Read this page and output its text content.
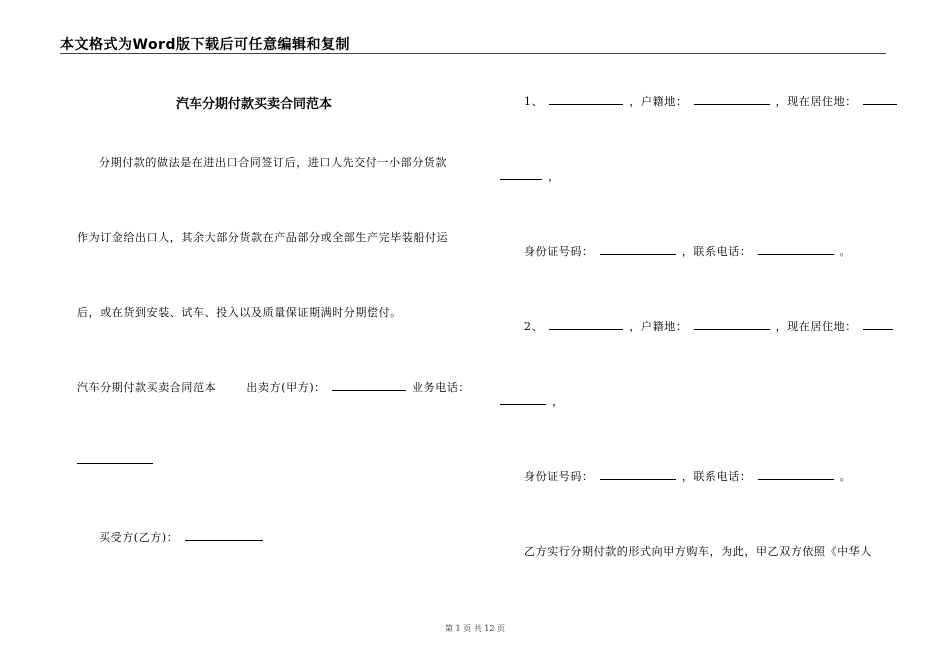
本文格式为Word版下载后可任意编辑和复制
汽车分期付款买卖合同范本
分期付款的做法是在进出口合同签订后，进口人先交付一小部分货款
作为订金给出口人，其余大部分货款在产品部分或全部生产完毕装船付运
后，或在货到安装、试车、投入以及质量保证期满时分期偿付。
汽车分期付款买卖合同范本	出卖方(甲方)：	业务电话：
买受方(乙方)：
1、	，户籍地：	，现在居住地：
，
身份证号码：	，联系电话：	。
2、	，户籍地：	，现在居住地：
，
身份证号码：	，联系电话：	。
乙方实行分期付款的形式向甲方购车，为此，甲乙双方依照《中华人
第 1 页 共 12 页
